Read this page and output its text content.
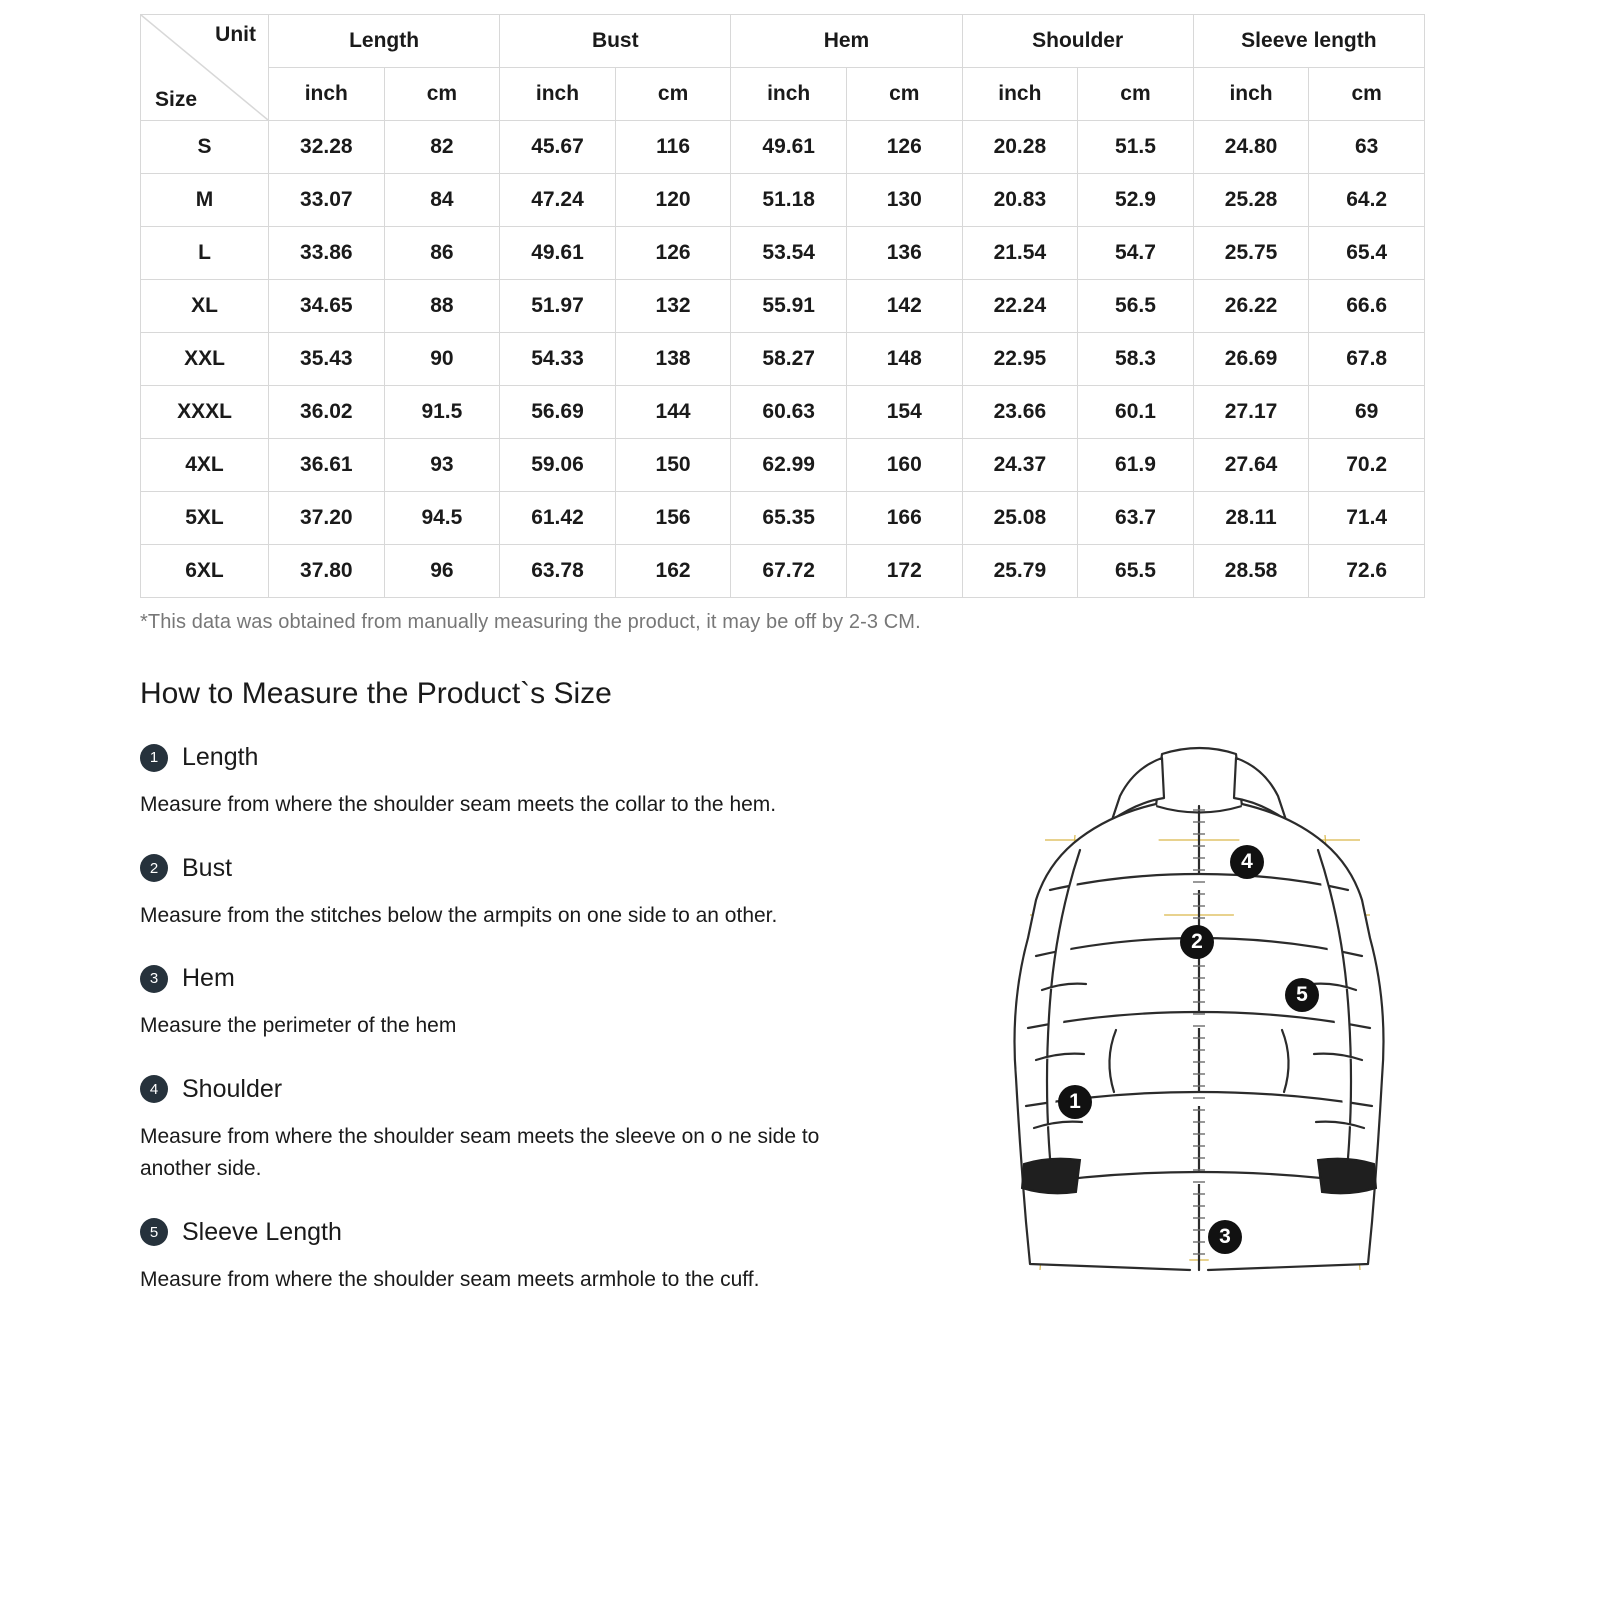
Unit
Size	Length		Bust		Hem		Shoulder		Sleeve length	
	inch	cm	inch	cm	inch	cm	inch	cm	inch	cm
S	32.28	82	45.67	116	49.61	126	20.28	51.5	24.80	63
M	33.07	84	47.24	120	51.18	130	20.83	52.9	25.28	64.2
L	33.86	86	49.61	126	53.54	136	21.54	54.7	25.75	65.4
XL	34.65	88	51.97	132	55.91	142	22.24	56.5	26.22	66.6
XXL	35.43	90	54.33	138	58.27	148	22.95	58.3	26.69	67.8
XXXL	36.02	91.5	56.69	144	60.63	154	23.66	60.1	27.17	69
4XL	36.61	93	59.06	150	62.99	160	24.37	61.9	27.64	70.2
5XL	37.20	94.5	61.42	156	65.35	166	25.08	63.7	28.11	71.4
6XL	37.80	96	63.78	162	67.72	172	25.79	65.5	28.58	72.6
*This data was obtained from manually measuring the product, it may be off by 2-3 CM.
How to Measure the Product`s Size
1 Length
Measure from where the shoulder seam meets the collar to the hem.
2 Bust
Measure from the stitches below the armpits on one side to an other.
3 Hem
Measure the perimeter of the hem
4 Shoulder
Measure from where the shoulder seam meets the sleeve on o ne side to another side.
5 Sleeve Length
Measure from where the shoulder seam meets armhole to the cuff.
4
2
5
1
3
